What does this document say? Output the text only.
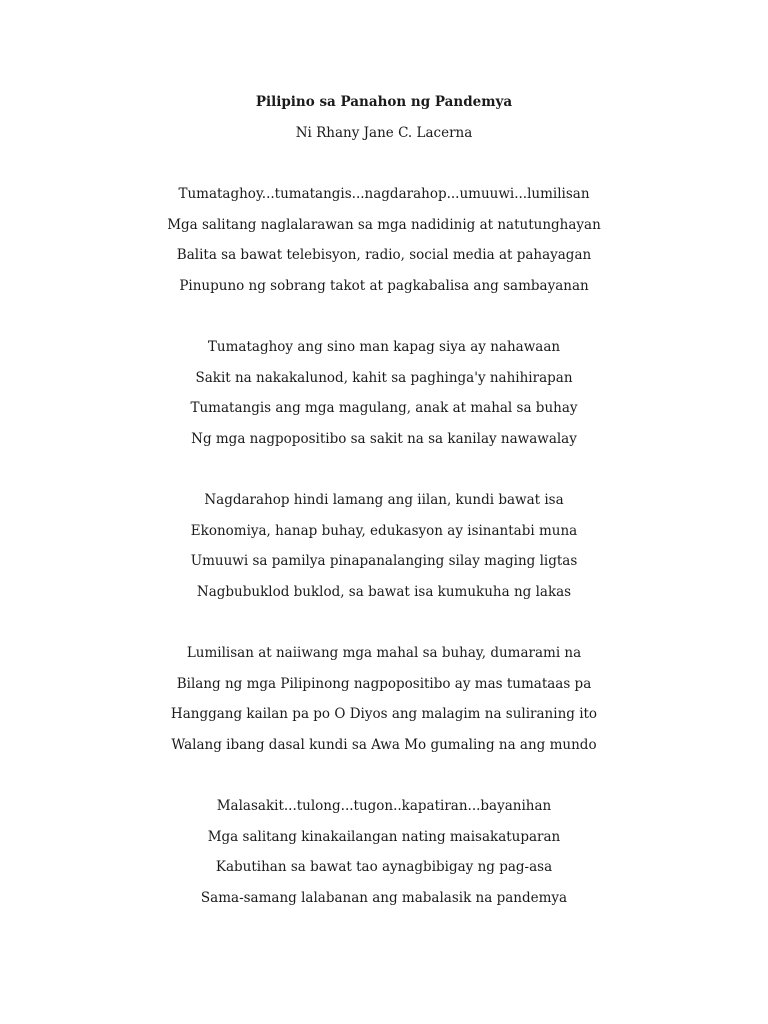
Pilipino sa Panahon ng Pandemya
Ni Rhany Jane C. Lacerna
Tumataghoy...tumatangis...nagdarahop...umuuwi...lumilisan
Mga salitang naglalarawan sa mga nadidinig at natutunghayan
Balita sa bawat telebisyon, radio, social media at pahayagan
Pinupuno ng sobrang takot at pagkabalisa ang sambayanan
Tumataghoy ang sino man kapag siya ay nahawaan
Sakit na nakakalunod, kahit sa paghinga'y nahihirapan
Tumatangis ang mga magulang, anak at mahal sa buhay
Ng mga nagpopositibo sa sakit na sa kanilay nawawalay
Nagdarahop hindi lamang ang iilan, kundi bawat isa
Ekonomiya, hanap buhay, edukasyon ay isinantabi muna
Umuuwi sa pamilya pinapanalanging silay maging ligtas
Nagbubuklod buklod, sa bawat isa kumukuha ng lakas
Lumilisan at naiiwang mga mahal sa buhay, dumarami na
Bilang ng mga Pilipinong nagpopositibo ay mas tumataas pa
Hanggang kailan pa po O Diyos ang malagim na suliraning ito
Walang ibang dasal kundi sa Awa Mo gumaling na ang mundo
Malasakit...tulong...tugon..kapatiran...bayanihan
Mga salitang kinakailangan nating maisakatuparan
Kabutihan sa bawat tao aynagbibigay ng pag-asa
Sama-samang lalabanan ang mabalasik na pandemya
